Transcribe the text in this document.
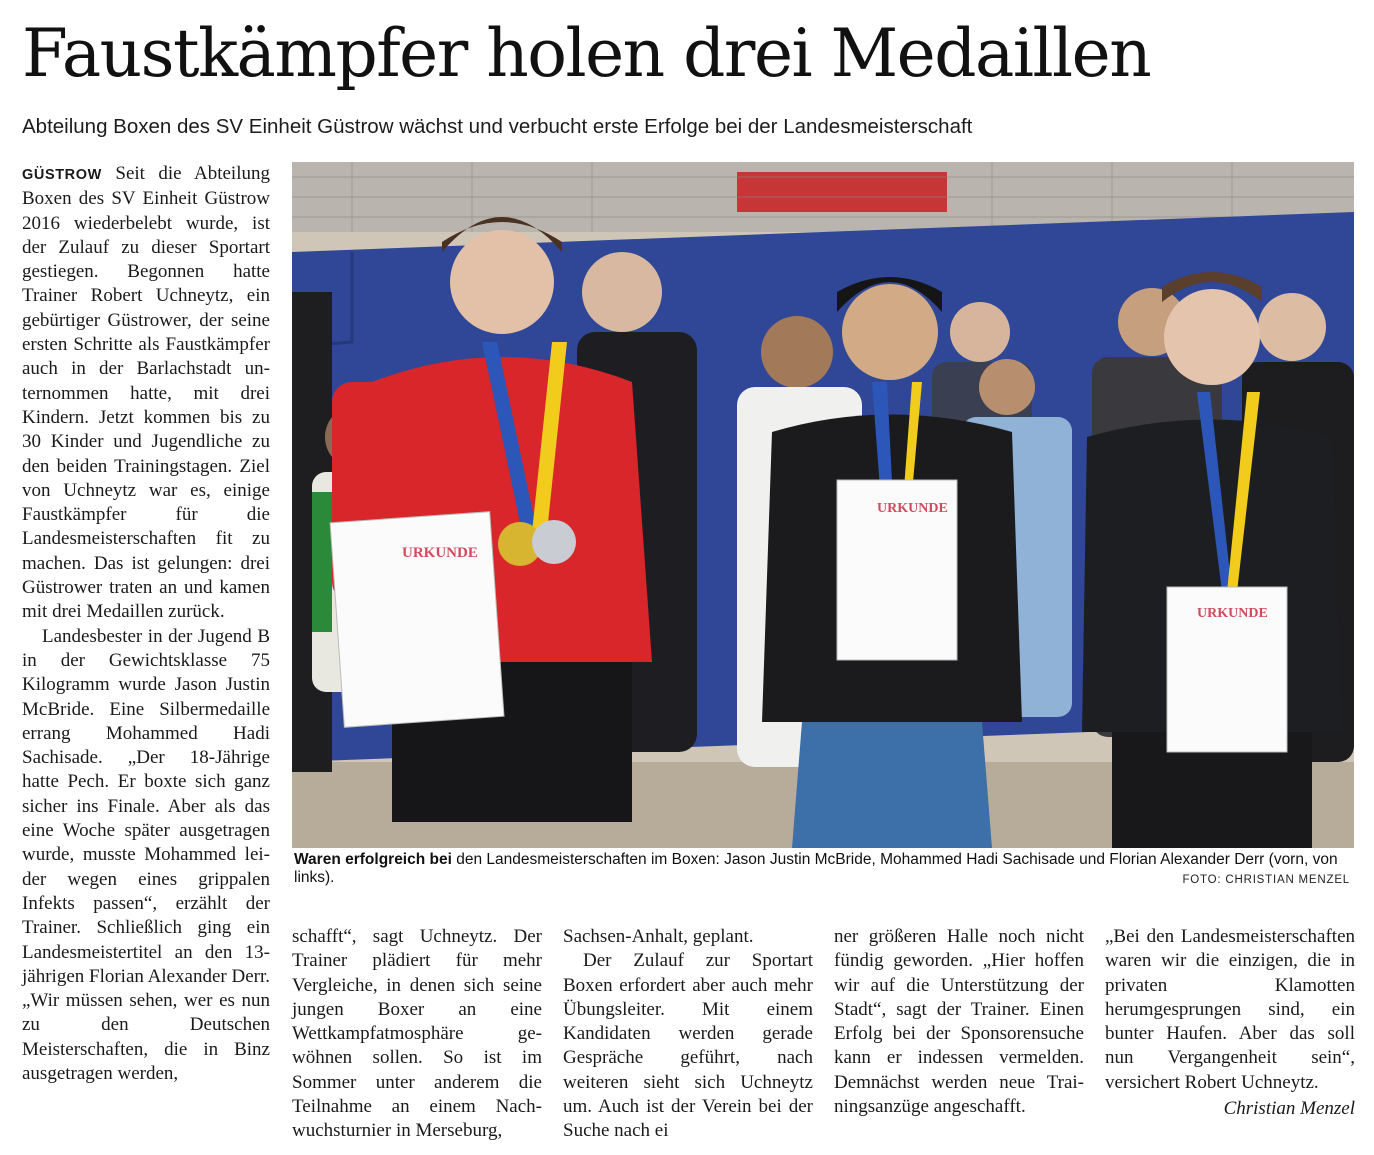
Faustkämpfer holen drei Medaillen
Abteilung Boxen des SV Einheit Güstrow wächst und verbucht erste Erfolge bei der Landesmeisterschaft

GÜSTROW Seit die Abteilung Boxen des SV Einheit Güstrow 2016 wiederbelebt wurde, ist der Zulauf zu dieser Sportart gestiegen. Begonnen hatte Trainer Robert Uchneytz, ein gebürtiger Güstrower, der seine ersten Schritte als Faustkämpfer auch in der Barlachstadt unternommen hatte, mit drei Kindern. Jetzt kommen bis zu 30 Kinder und Jugendliche zu den beiden Trainingstagen. Ziel von Uchneytz war es, einige Faustkämpfer für die Landesmeisterschaften fit zu machen. Das ist gelungen: drei Güstrower traten an und kamen mit drei Medaillen zurück.

Landesbester in der Jugend B in der Gewichtsklasse 75 Kilogramm wurde Jason Justin McBride. Eine Silbermedaille errang Mohammed Hadi Sachisade. „Der 18-Jährige hatte Pech. Er boxte sich ganz sicher ins Finale. Aber als das eine Woche später ausgetragen wurde, musste Mohammed leider wegen eines grippalen Infekts passen“, erzählt der Trainer. Schließlich ging ein Landesmeistertitel an den 13-jährigen Florian Alexander Derr. „Wir müssen sehen, wer es nun zu den Deutschen Meisterschaften, die in Binz ausgetragen werden,

URKUNDE
URKUNDE
URKUNDE
Waren erfolgreich bei den Landesmeisterschaften im Boxen: Jason Justin McBride, Mohammed Hadi Sachisade und Florian Alexander Derr (vorn, von links).	FOTO: CHRISTIAN MENZEL

schafft“, sagt Uchneytz. Der Trainer plädiert für mehr Vergleiche, in denen sich seine jungen Boxer an eine Wettkampfatmosphäre gewöhnen sollen. So ist im Sommer unter anderem die Teilnahme an einem Nachwuchsturnier in Merseburg,

Sachsen-Anhalt, geplant.

Der Zulauf zur Sportart Boxen erfordert aber auch mehr Übungsleiter. Mit einem Kandidaten werden gerade Gespräche geführt, nach weiteren sieht sich Uchneytz um. Auch ist der Verein bei der Suche nach ei

ner größeren Halle noch nicht fündig geworden. „Hier hoffen wir auf die Unterstützung der Stadt“, sagt der Trainer. Einen Erfolg bei der Sponsorensuche kann er indessen vermelden. Demnächst werden neue Trainingsanzüge angeschafft.

„Bei den Landesmeisterschaften waren wir die einzigen, die in privaten Klamotten herumgesprungen sind, ein bunter Haufen. Aber das soll nun Vergangenheit sein“, versichert Robert Uchneytz.

Christian Menzel
